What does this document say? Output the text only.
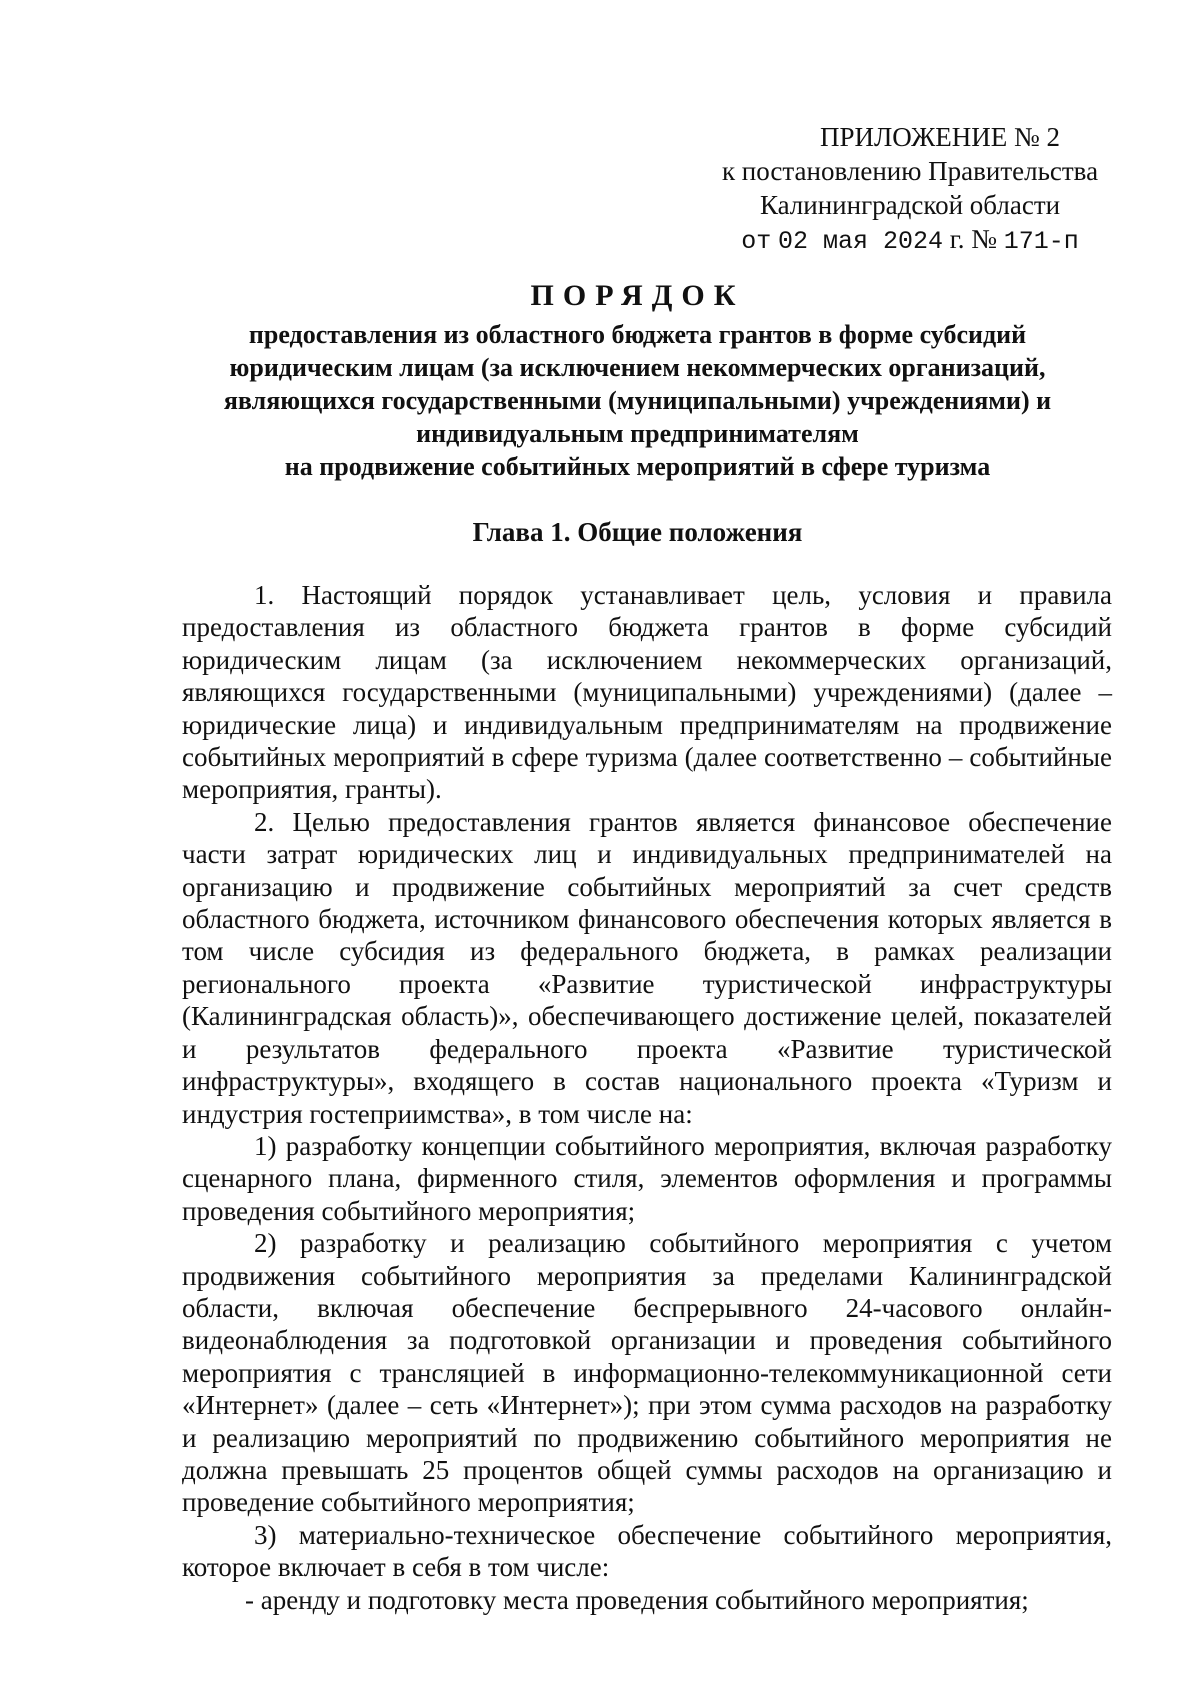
ПРИЛОЖЕНИЕ № 2
к постановлению Правительства
Калининградской области
от 02 мая 2024 г. № 171-п
ПОРЯДОК
предоставления из областного бюджета грантов в форме субсидий
юридическим лицам (за исключением некоммерческих организаций,
являющихся государственными (муниципальными) учреждениями) и
индивидуальным предпринимателям
на продвижение событийных мероприятий в сфере туризма
Глава 1. Общие положения

1. Настоящий порядок устанавливает цель, условия и правила предоставления из областного бюджета грантов в форме субсидий юридическим лицам (за исключением некоммерческих организаций, являющихся государственными (муниципальными) учреждениями) (далее – юридические лица) и индивидуальным предпринимателям на продвижение событийных мероприятий в сфере туризма (далее соответственно – событийные мероприятия, гранты).

2. Целью предоставления грантов является финансовое обеспечение части затрат юридических лиц и индивидуальных предпринимателей на организацию и продвижение событийных мероприятий за счет средств областного бюджета, источником финансового обеспечения которых является в том числе субсидия из федерального бюджета, в рамках реализации регионального проекта «Развитие туристической инфраструктуры (Калининградская область)», обеспечивающего достижение целей, показателей и результатов федерального проекта «Развитие туристической инфраструктуры», входящего в состав национального проекта «Туризм и индустрия гостеприимства», в том числе на:

1) разработку концепции событийного мероприятия, включая разработку сценарного плана, фирменного стиля, элементов оформления и программы проведения событийного мероприятия;

2) разработку и реализацию событийного мероприятия с учетом продвижения событийного мероприятия за пределами Калининградской области, включая обеспечение беспрерывного 24-часового онлайн-видеонаблюдения за подготовкой организации и проведения событийного мероприятия с трансляцией в информационно-телекоммуникационной сети «Интернет» (далее – сеть «Интернет»); при этом сумма расходов на разработку и реализацию мероприятий по продвижению событийного мероприятия не должна превышать 25 процентов общей суммы расходов на организацию и проведение событийного мероприятия;

3) материально-техническое обеспечение событийного мероприятия, которое включает в себя в том числе:

- аренду и подготовку места проведения событийного мероприятия;
